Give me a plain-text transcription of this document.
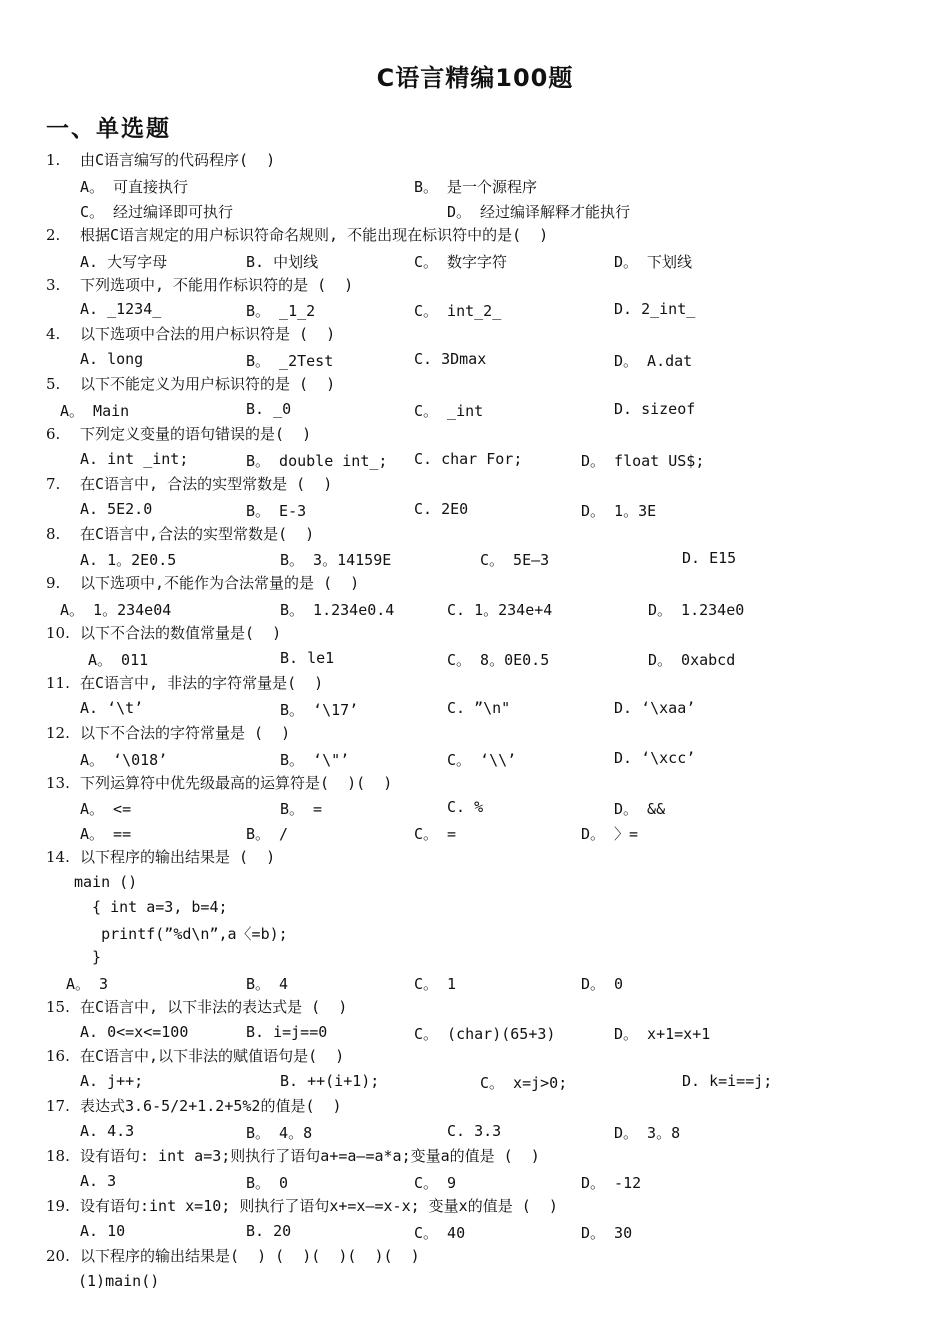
C语言精编100题
一、单选题
1. 由C语言编写的代码程序(  )
A。 可直接执行	B。 是一个源程序
C。 经过编译即可执行	D。 经过编译解释才能执行
2. 根据C语言规定的用户标识符命名规则, 不能出现在标识符中的是(  )
A. 大写字母	B. 中划线	C。 数字字符	D。 下划线
3. 下列选项中, 不能用作标识符的是 (  )
A. _1234_	B。 _1_2	C。 int_2_	D. 2_int_
4. 以下选项中合法的用户标识符是 (  )
A. long	B。 _2Test	C. 3Dmax	D。 A.dat
5. 以下不能定义为用户标识符的是 (  )
A。 Main	B. _0	C。 _int	D. sizeof
6. 下列定义变量的语句错误的是(  )
A. int _int;	B。 double int_; C. char For;	D。 float US$;
7. 在C语言中, 合法的实型常数是 (  )
A. 5E2.0	B。 E-3	C. 2E0	D。 1。3E
8. 在C语言中,合法的实型常数是(  )
A. 1。2E0.5	B。 3。14159E	C。 5E—3	D. E15
9. 以下选项中,不能作为合法常量的是 (  )
A。 1。234e04	B。 1.234e0.4	C. 1。234e+4	D。 1.234e0
10. 以下不合法的数值常量是(  )
A。 011	B. le1	C。 8。0E0.5	D。 0xabcd
11. 在C语言中, 非法的字符常量是(  )
A. ‘\t’	B。 ‘\17’	C. ”\n"	D. ‘\xaa’
12. 以下不合法的字符常量是 (  )
A。 ‘\018’	B。 ‘\"’	C。 ‘\\’	D. ‘\xcc’
13. 下列运算符中优先级最高的运算符是(  )(  )
A。 <=	B。 =	C. %	D。 &&
A。 ==	B。 /	C。 =	D。 〉=
14. 以下程序的输出结果是 (  )
main ()
{ int a=3, b=4;
printf(”%d\n”,a〈=b);
}
A。 3	B。 4	C。 1	D。 0
15. 在C语言中, 以下非法的表达式是 (  )
A. 0<=x<=100	B. i=j==0	C。 (char)(65+3)	D。 x+1=x+1
16. 在C语言中,以下非法的赋值语句是(  )
A. j++;	B. ++(i+1);	C。 x=j>0;	D. k=i==j;
17. 表达式3.6-5/2+1.2+5%2的值是(  )
A. 4.3	B。 4。8	C. 3.3	D。 3。8
18. 设有语句: int a=3;则执行了语句a+=a—=a*a;变量a的值是 (  )
A. 3	B。 0	C。 9	D。 -12
19. 设有语句:int x=10; 则执行了语句x+=x—=x-x; 变量x的值是 (  )
A. 10	B. 20	C。 40	D。 30
20. 以下程序的输出结果是(  ) (  )(  )(  )(  )
(1)main()
